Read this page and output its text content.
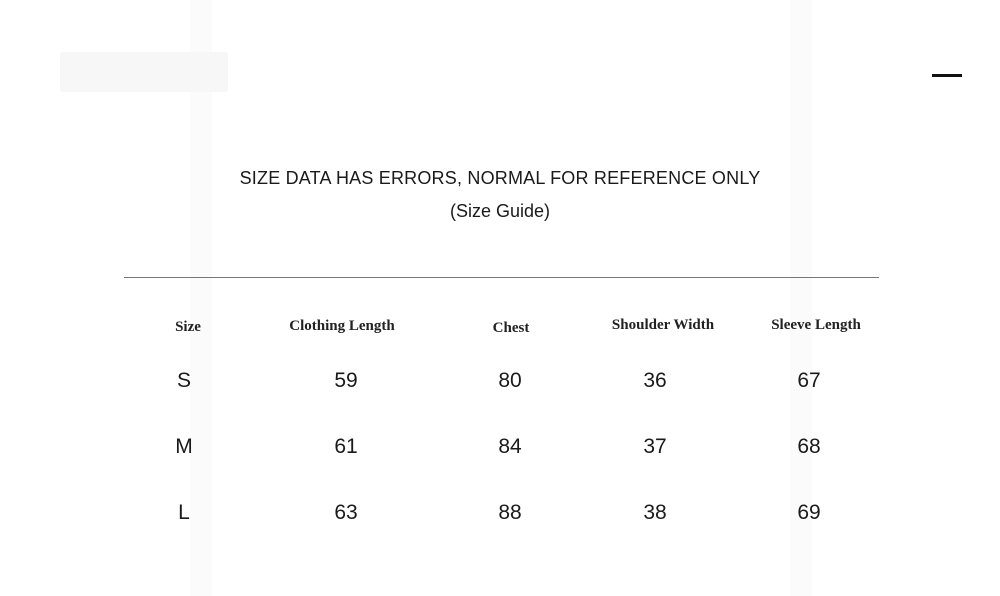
SIZE DATA HAS ERRORS, NORMAL FOR REFERENCE ONLY
(Size Guide)
Size	Clothing Length	Chest	Shoulder Width	Sleeve Length
S	59	80	36	67
M	61	84	37	68
L	63	88	38	69
